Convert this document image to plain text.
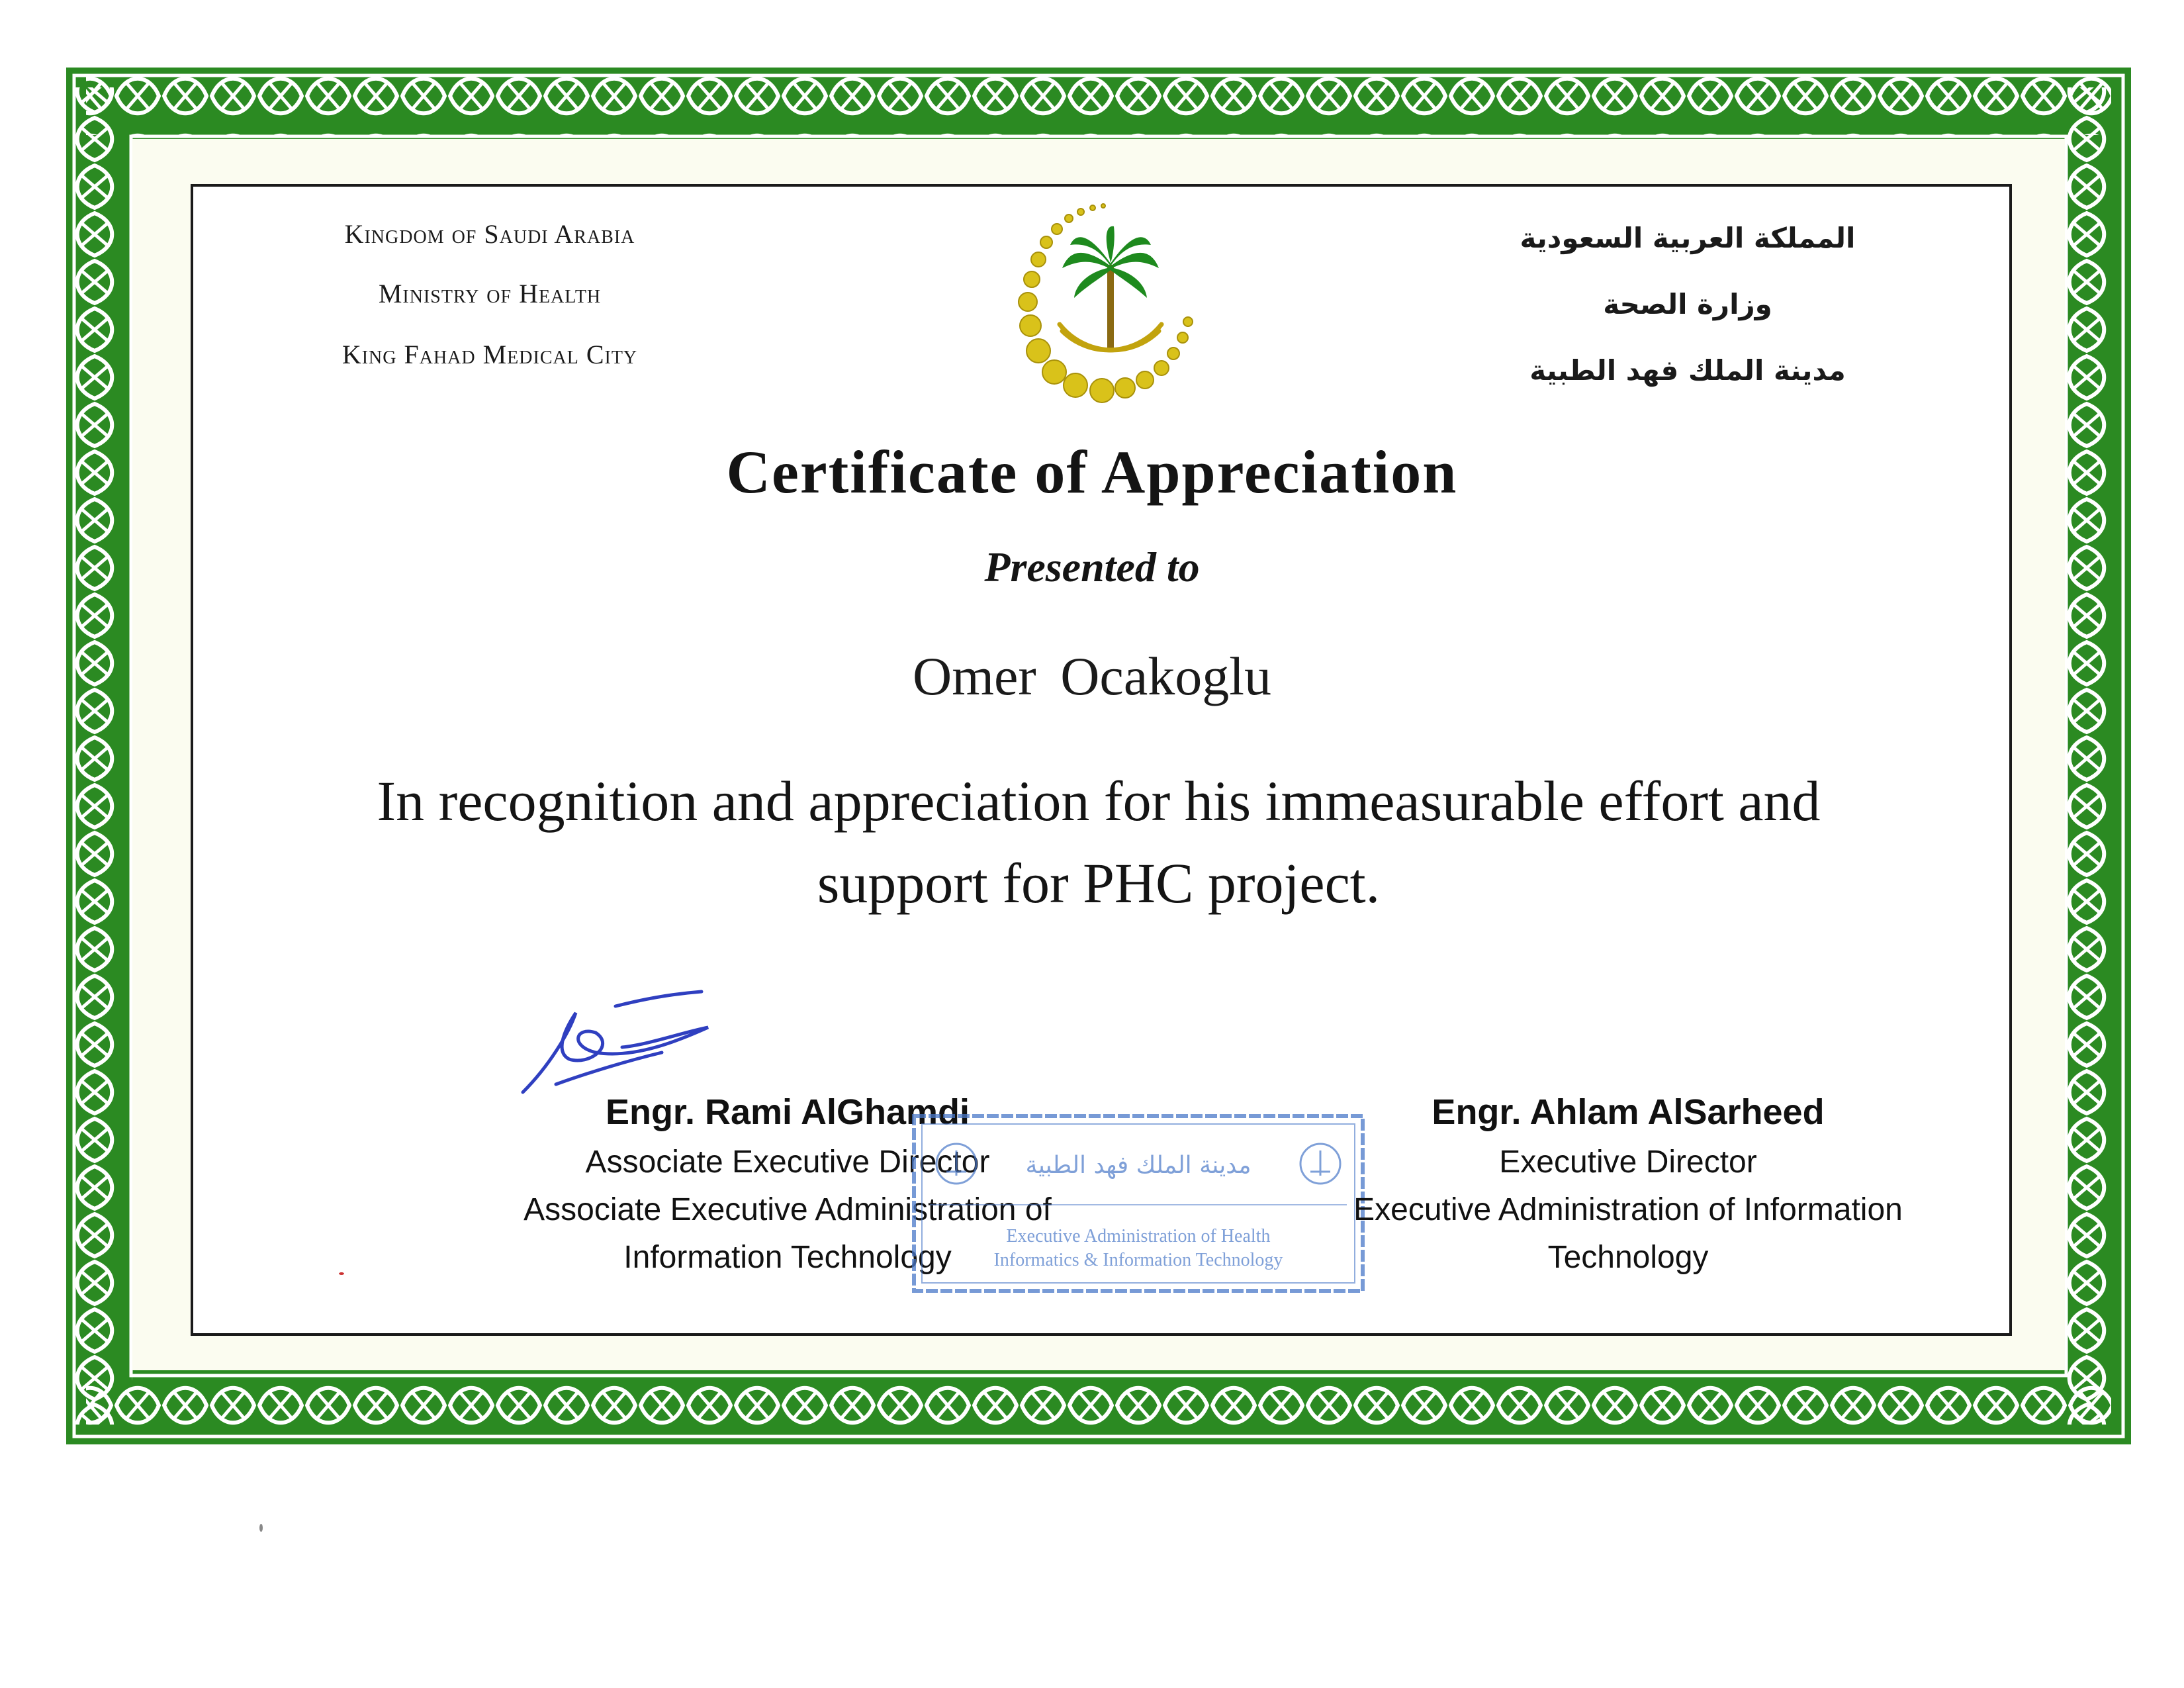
Kingdom of Saudi Arabia
Ministry of Health
King Fahad Medical City
المملكة العربية السعودية
وزارة الصحة
مدينة الملك فهد الطبية
Certificate of Appreciation
Presented to
Omer Ocakoglu
In recognition and appreciation for his immeasurable effort and
support for PHC project.
Engr. Rami AlGhamdi
Associate Executive Director
Associate Executive Administration of
Information Technology
مدينة الملك فهد الطبية
Executive Administration of Health
Informatics & Information Technology
Engr. Ahlam AlSarheed
Executive Director
Executive Administration of Information
Technology
